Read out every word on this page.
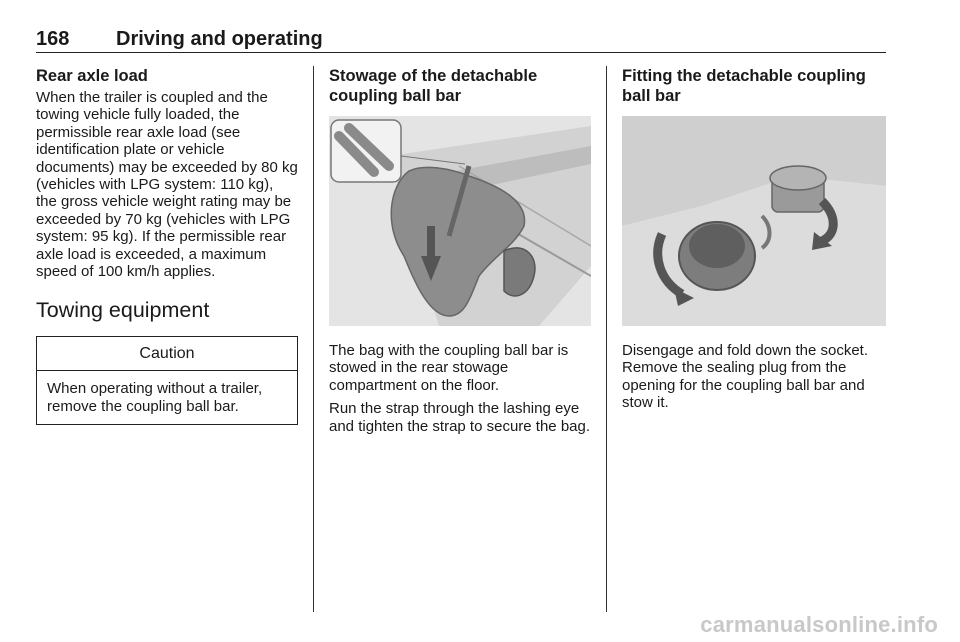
168 Driving and operating
Rear axle load

When the trailer is coupled and the towing vehicle fully loaded, the permissible rear axle load (see identification plate or vehicle documents) may be exceeded by 80 kg (vehicles with LPG system: 110 kg), the gross vehicle weight rating may be exceeded by 70 kg (vehicles with LPG system: 95 kg). If the permissible rear axle load is exceeded, a maximum speed of 100 km/h applies.

Towing equipment
Caution
When operating without a trailer, remove the coupling ball bar.
Stowage of the detachable coupling ball bar

The bag with the coupling ball bar is stowed in the rear stowage compartment on the floor.

Run the strap through the lashing eye and tighten the strap to secure the bag.

Fitting the detachable coupling ball bar

Disengage and fold down the socket. Remove the sealing plug from the opening for the coupling ball bar and stow it.

carmanualsonline.info
